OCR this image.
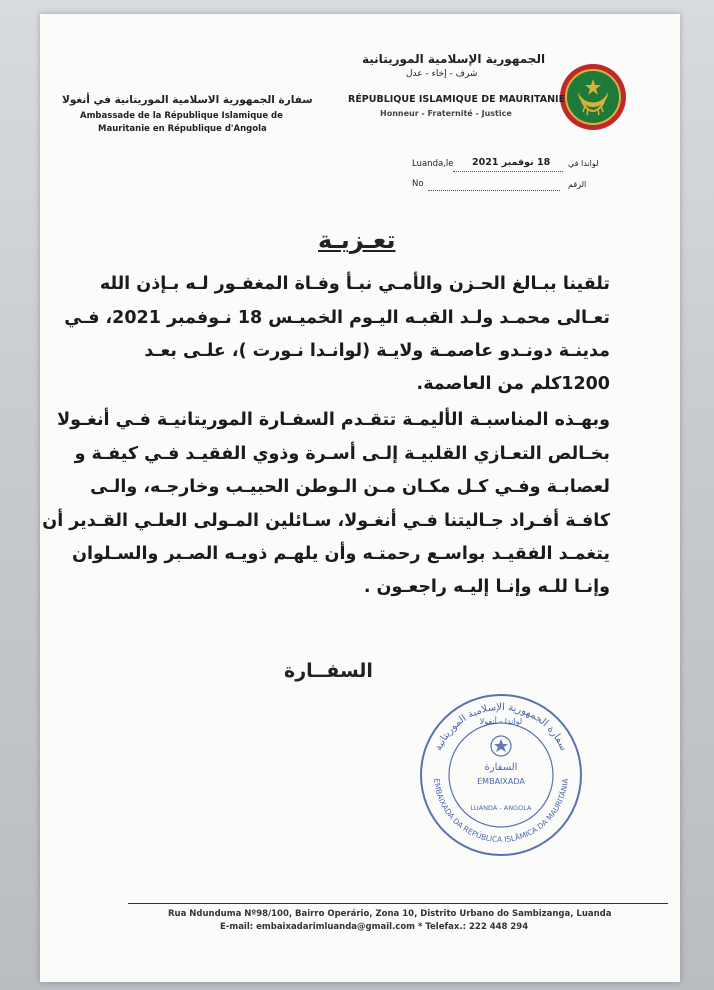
الجمهورية الإسلامية الموريتانية
شرف - إخاء - عدل
RÉPUBLIQUE ISLAMIQUE DE MAURITANIE
Honneur - Fraternité - Justice
سفارة الجمهورية الاسلامية الموريتانية في أنغولا
Ambassade de la République Islamique de
Mauritanie en République d'Angola
Luanda,le 18 نوفمبر 2021 لواندا في
No	الرقم
تعـزيـة
تلقينا ببـالغ الحـزن والأمـي نبـأ وفـاة المغفـور لـه بـإذن الله
تعـالى محمـد ولـد القبـه اليـوم الخميـس 18 نـوفمبر 2021، فـي
مدينـة دونـدو عاصمـة ولايـة (لوانـدا نـورت )، علـى بعـد
1200كلم من العاصمة.
وبهـذه المناسبـة الأليمـة تتقـدم السفـارة الموريتانيـة فـي أنغـولا
بخـالص التعـازي القلبيـة إلـى أسـرة وذوي الفقيـد فـي كيفـة و
لعصابـة وفـي كـل مكـان مـن الـوطن الحبيـب وخارجـه، والـى
كافـة أفـراد جـاليتنا فـي أنغـولا، سـائلين المـولى العلـي القـدير أن
يتغمـد الفقيـد بواسـع رحمتـه وأن يلهـم ذويـه الصـبر والسـلوان
وإنـا للـه وإنـا إليـه راجعـون .
السفــارة
سفارة الجمهورية الإسلامية الموريتانية
EMBAIXADA DA REPÚBLICA ISLÂMICA DA MAURITÂNIA
لواندا - أنغولا
السفارة
EMBAIXADA
LUANDA - ANGOLA
Rua Ndunduma Nº98/100, Bairro Operário, Zona 10, Distrito Urbano do Sambizanga, Luanda
E-mail: embaixadarimluanda@gmail.com * Telefax.: 222 448 294
